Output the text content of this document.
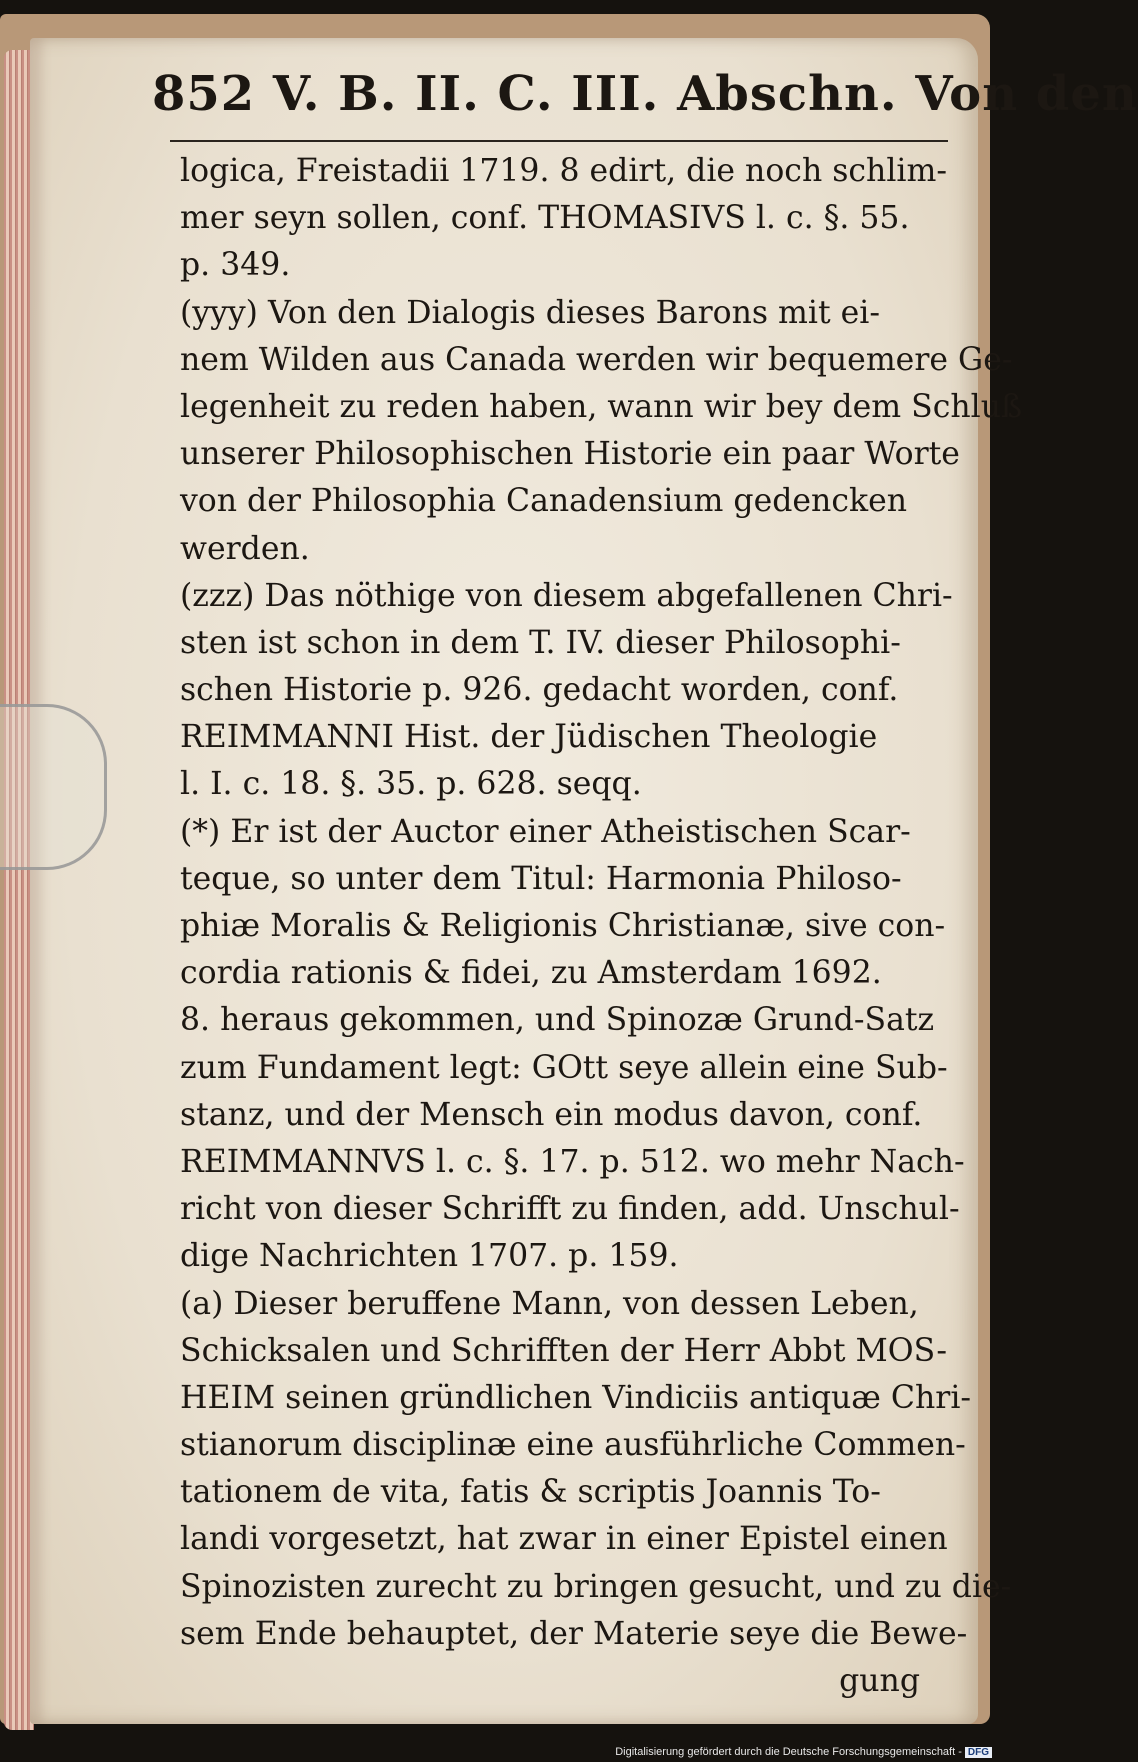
852 V. B. II. C. III. Abschn. Von den
logica, Freistadii 1719. 8 edirt, die noch schlim-
mer seyn sollen, conf. THOMASIVS l. c. §. 55.
p. 349.
(yyy) Von den Dialogis dieses Barons mit ei-
nem Wilden aus Canada werden wir bequemere Ge-
legenheit zu reden haben, wann wir bey dem Schluß
unserer Philosophischen Historie ein paar Worte
von der Philosophia Canadensium gedencken
werden.
(zzz) Das nöthige von diesem abgefallenen Chri-
sten ist schon in dem T. IV. dieser Philosophi-
schen Historie p. 926. gedacht worden, conf.
REIMMANNI Hist. der Jüdischen Theologie
l. I. c. 18. §. 35. p. 628. seqq.
(*) Er ist der Auctor einer Atheistischen Scar-
teque, so unter dem Titul: Harmonia Philoso-
phiæ Moralis & Religionis Christianæ, sive con-
cordia rationis & fidei, zu Amsterdam 1692.
8. heraus gekommen, und Spinozæ Grund-Satz
zum Fundament legt: GOtt seye allein eine Sub-
stanz, und der Mensch ein modus davon, conf.
REIMMANNVS l. c. §. 17. p. 512. wo mehr Nach-
richt von dieser Schrifft zu finden, add. Unschul-
dige Nachrichten 1707. p. 159.
(a) Dieser beruffene Mann, von dessen Leben,
Schicksalen und Schrifften der Herr Abbt MOS-
HEIM seinen gründlichen Vindiciis antiquæ Chri-
stianorum disciplinæ eine ausführliche Commen-
tationem de vita, fatis & scriptis Joannis To-
landi vorgesetzt, hat zwar in einer Epistel einen
Spinozisten zurecht zu bringen gesucht, und zu die-
sem Ende behauptet, der Materie seye die Bewe-
gung
Digitalisierung gefördert durch die Deutsche Forschungsgemeinschaft - DFG
